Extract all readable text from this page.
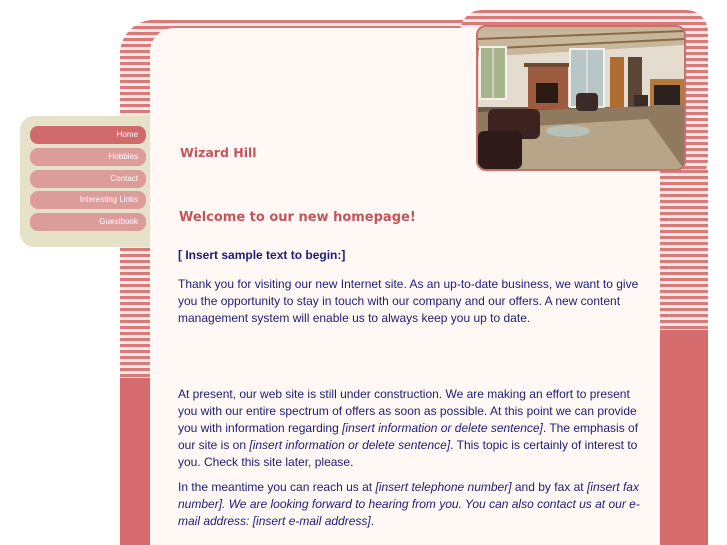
Home
Hobbies
Contact
Interesting Links
Guestbook
Wizard Hill
Welcome to our new homepage!
[ Insert sample text to begin:]

Thank you for visiting our new Internet site. As an up-to-date business, we want to give you the opportunity to stay in touch with our company and our offers. A new content management system will enable us to always keep you up to date.

At present, our web site is still under construction. We are making an effort to present you with our entire spectrum of offers as soon as possible. At this point we can provide you with information regarding [insert information or delete sentence]. The emphasis of our site is on [insert information or delete sentence]. This topic is certainly of interest to you. Check this site later, please.

In the meantime you can reach us at [insert telephone number] and by fax at [insert fax number]. We are looking forward to hearing from you. You can also contact us at our e-mail address: [insert e-mail address].
